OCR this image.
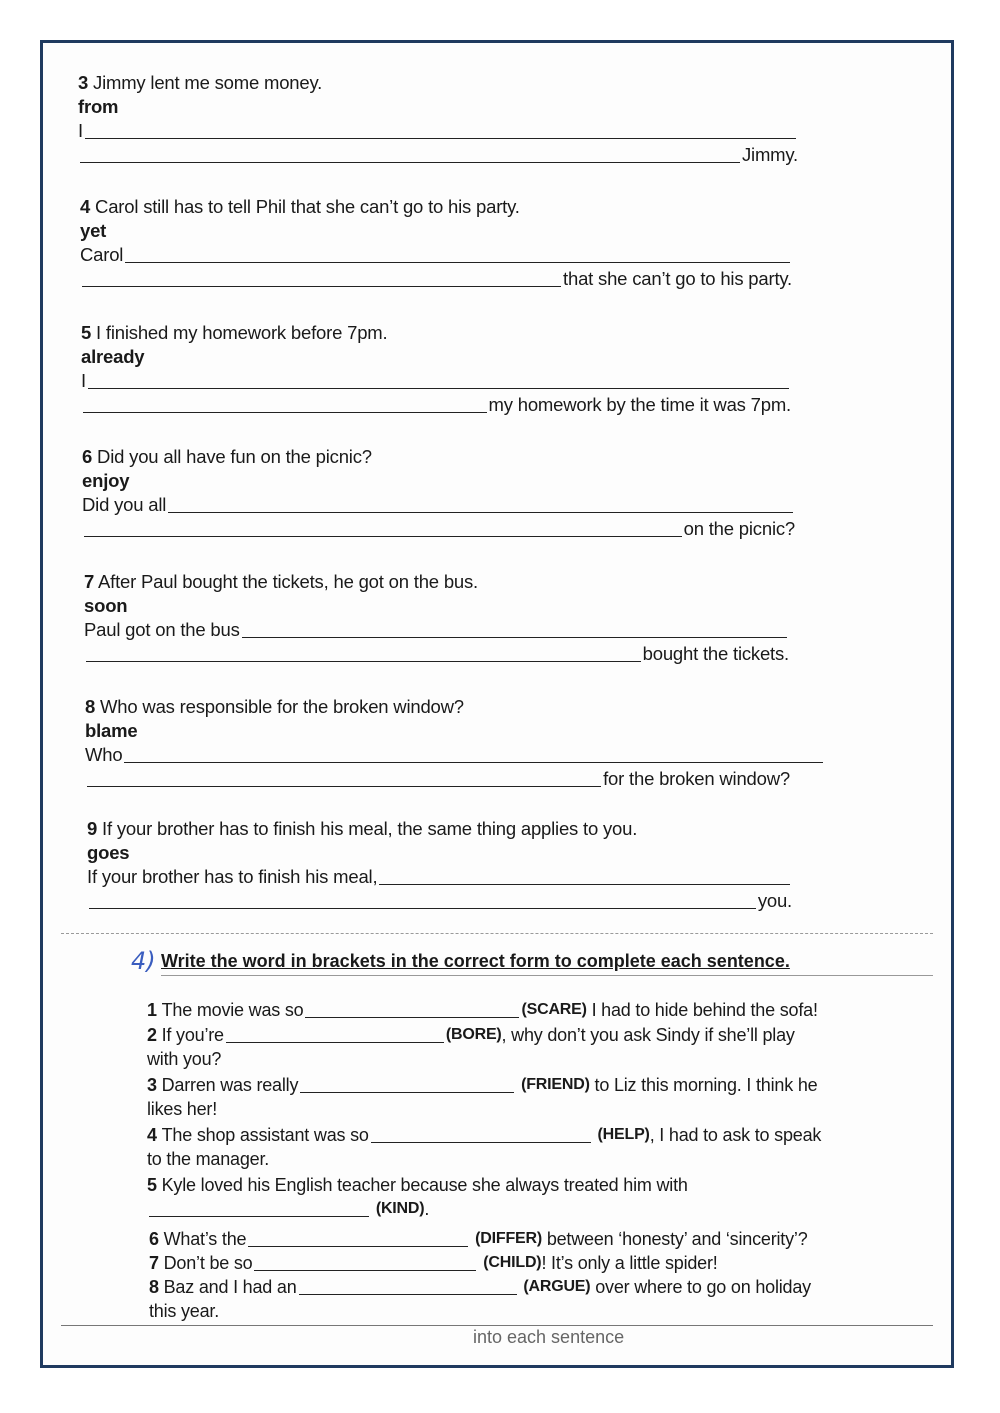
3 Jimmy lent me some money.
from
I
Jimmy.
4 Carol still has to tell Phil that she can’t go to his party.
yet
Carol
that she can’t go to his party.
5 I finished my homework before 7pm.
already
I
my homework by the time it was 7pm.
6 Did you all have fun on the picnic?
enjoy
Did you all
on the picnic?
7 After Paul bought the tickets, he got on the bus.
soon
Paul got on the bus
bought the tickets.
8 Who was responsible for the broken window?
blame
Who
for the broken window?
9 If your brother has to finish his meal, the same thing applies to you.
goes
If your brother has to finish his meal,
you.
4) Write the word in brackets in the correct form to complete each sentence.
1
The movie was so	(SCARE)
I had to hide behind the sofa!
2
If you’re	(BORE) , why don’t you ask Sindy if she’ll play
with you?
3
Darren was really
	(FRIEND)
to Liz this morning. I think he
likes her!
4
The shop assistant was so
	(HELP) , I had to ask to speak
to the manager.
5 Kyle loved his English teacher because she always treated him with

(KIND) .
6
What’s the
	(DIFFER)
between ‘honesty’ and ‘sincerity’?
7
Don’t be so
	(CHILD) ! It’s only a little spider!
8
Baz and I had an
	(ARGUE)
over where to go on holiday
this year.
into each sentence
